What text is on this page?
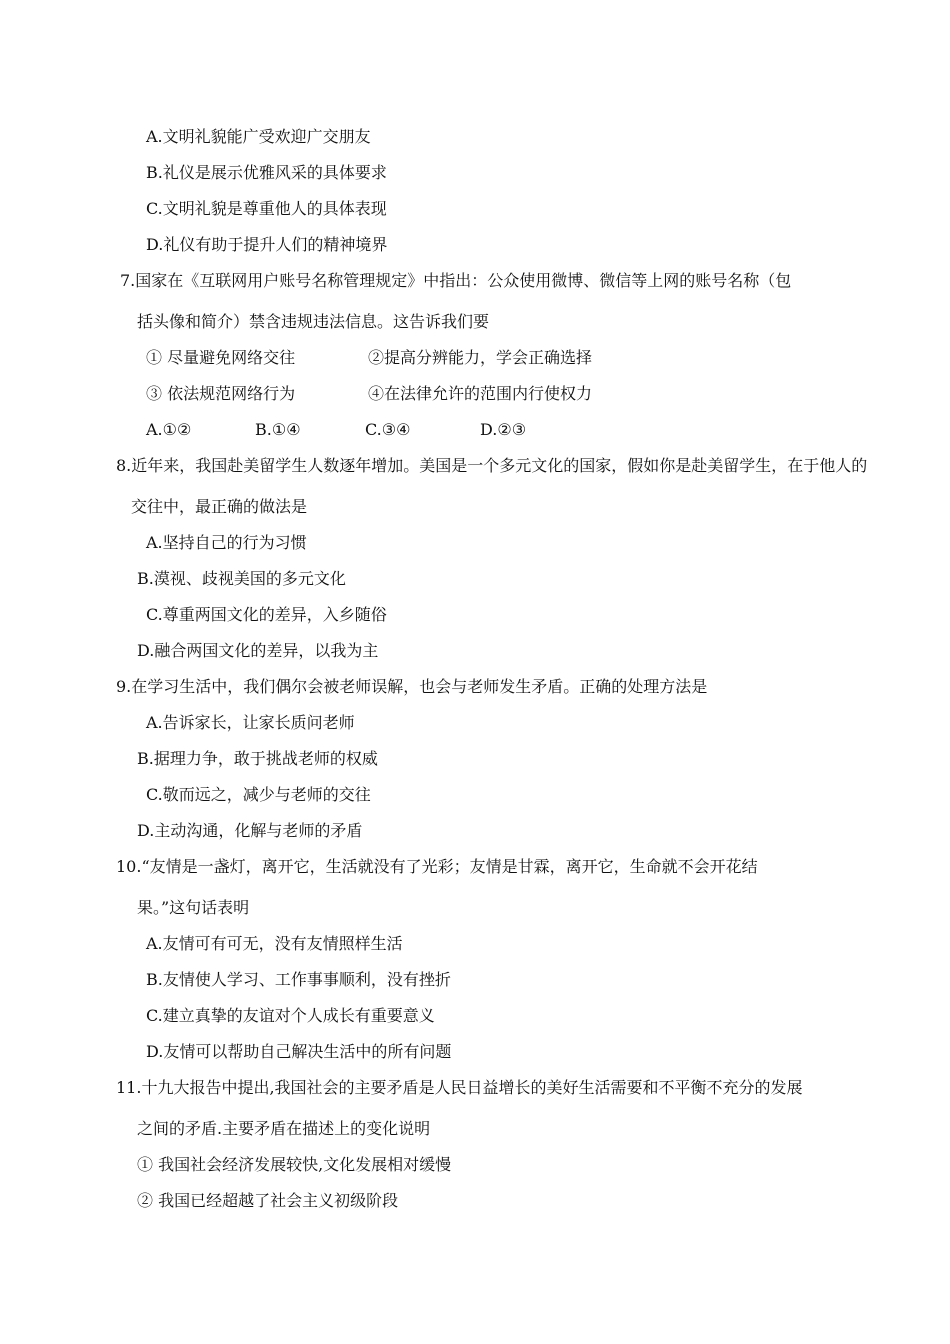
A.文明礼貌能广受欢迎广交朋友
B.礼仪是展示优雅风采的具体要求
C.文明礼貌是尊重他人的具体表现
D.礼仪有助于提升人们的精神境界
7.国家在《互联网用户账号名称管理规定》中指出：公众使用微博、微信等上网的账号名称（包
括头像和简介）禁含违规违法信息。这告诉我们要
① 尽量避免网络交往	②提高分辨能力，学会正确选择
③ 依法规范网络行为	④在法律允许的范围内行使权力
A.①②	B.①④	C.③④	D.②③
8.近年来，我国赴美留学生人数逐年增加。美国是一个多元文化的国家，假如你是赴美留学生，在于他人的
交往中，最正确的做法是
A.坚持自己的行为习惯
B.漠视、歧视美国的多元文化
C.尊重两国文化的差异，入乡随俗
D.融合两国文化的差异，以我为主
9.在学习生活中，我们偶尔会被老师误解，也会与老师发生矛盾。正确的处理方法是
A.告诉家长，让家长质问老师
B.据理力争，敢于挑战老师的权威
C.敬而远之，减少与老师的交往
D.主动沟通，化解与老师的矛盾
10.“友情是一盏灯，离开它，生活就没有了光彩；友情是甘霖，离开它，生命就不会开花结
果。”这句话表明
A.友情可有可无，没有友情照样生活
B.友情使人学习、工作事事顺利，没有挫折
C.建立真挚的友谊对个人成长有重要意义
D.友情可以帮助自己解决生活中的所有问题
11.十九大报告中提出,我国社会的主要矛盾是人民日益增长的美好生活需要和不平衡不充分的发展
之间的矛盾.主要矛盾在描述上的变化说明
① 我国社会经济发展较快,文化发展相对缓慢
② 我国已经超越了社会主义初级阶段
